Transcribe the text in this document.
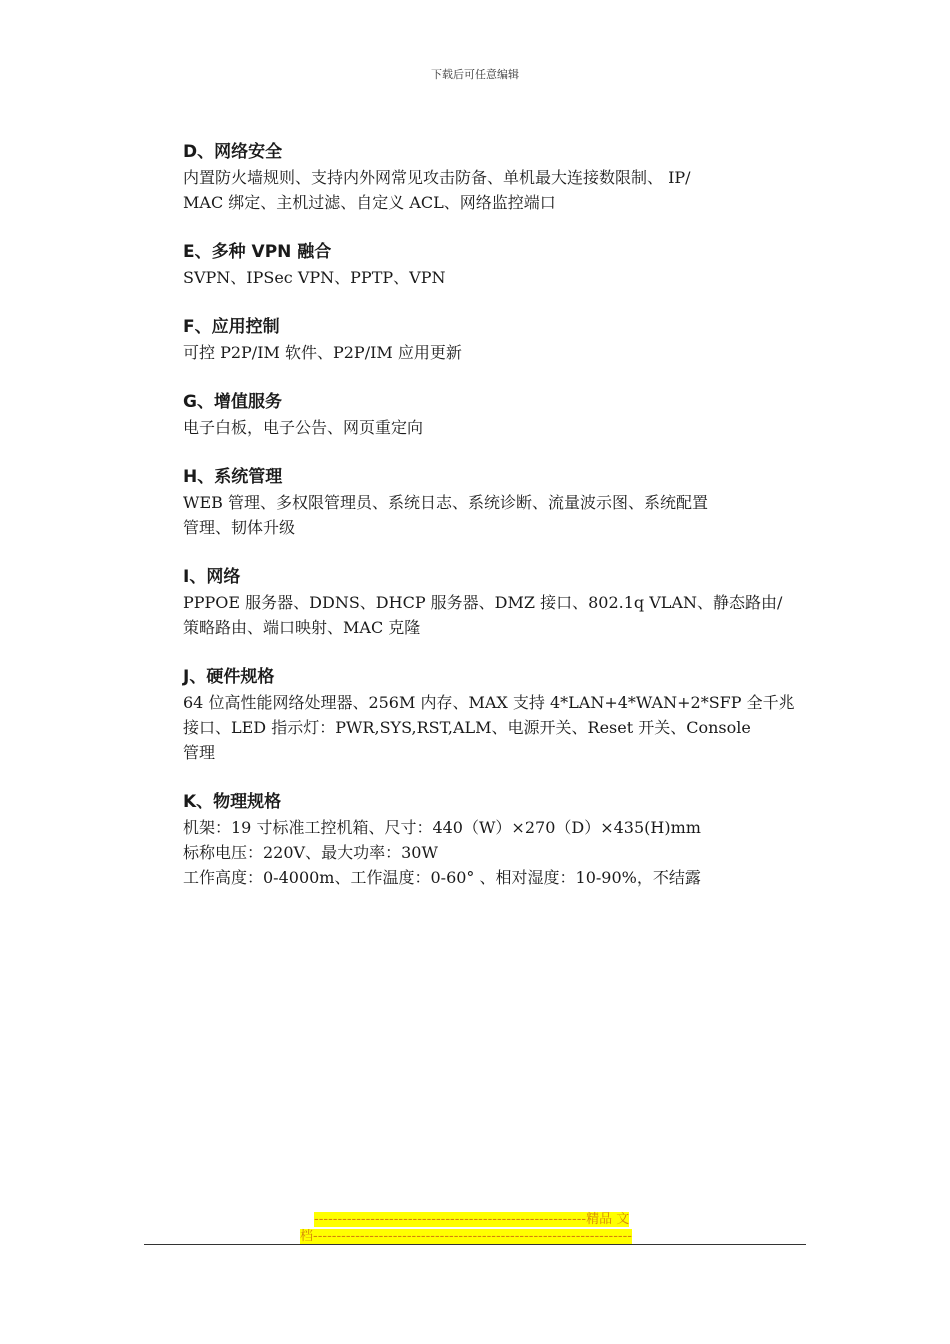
下载后可任意编辑
D、网络安全

内置防火墙规则、支持内外网常见攻击防备、单机最大连接数限制、 IP/

MAC 绑定、主机过滤、自定义 ACL、网络监控端口

E、多种 VPN 融合

SVPN、IPSec VPN、PPTP、VPN

F、应用控制

可控 P2P/IM 软件、P2P/IM 应用更新

G、增值服务

电子白板，电子公告、网页重定向

H、系统管理

WEB 管理、多权限管理员、系统日志、系统诊断、流量波示图、系统配置

管理、韧体升级

I、网络

PPPOE 服务器、DDNS、DHCP 服务器、DMZ 接口、802.1q VLAN、静态路由/

策略路由、端口映射、MAC 克隆

J、硬件规格

64 位高性能网络处理器、256M 内存、MAX 支持 4*LAN+4*WAN+2*SFP 全千兆

接口、LED 指示灯：PWR,SYS,RST,ALM、电源开关、Reset 开关、Console

管理

K、物理规格

机架：19 寸标准工控机箱、尺寸：440（W）×270（D）×435(H)mm

标称电压：220V、最大功率：30W

工作高度：0-4000m、工作温度：0-60° 、相对湿度：10-90%，不结露

----------------------------------------------------------精品 文
档--------------------------------------------------------------------
